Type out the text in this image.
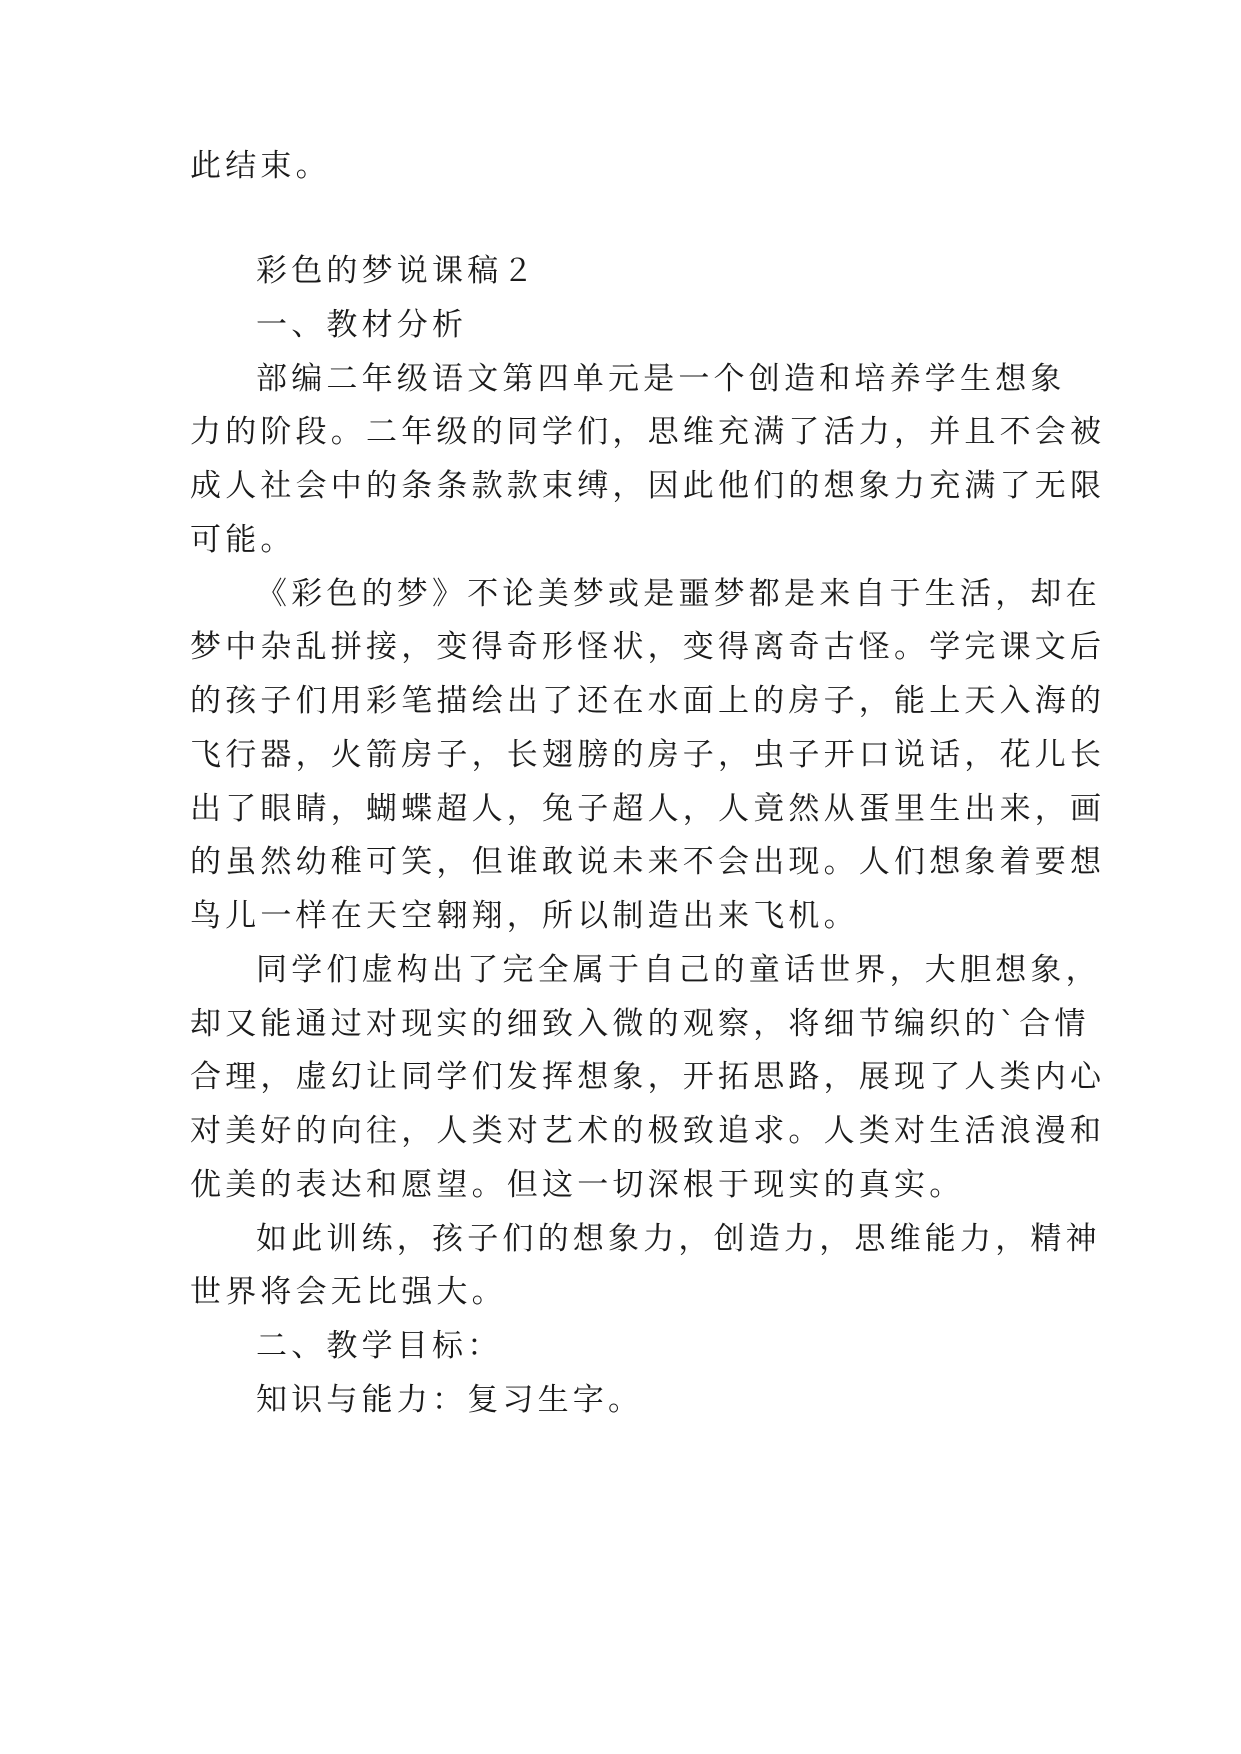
此结束。
彩色的梦说课稿２
一、教材分析
部编二年级语文第四单元是一个创造和培养学生想象
力的阶段。二年级的同学们，思维充满了活力，并且不会被
成人社会中的条条款款束缚，因此他们的想象力充满了无限
可能。
《彩色的梦》不论美梦或是噩梦都是来自于生活，却在
梦中杂乱拼接，变得奇形怪状，变得离奇古怪。学完课文后
的孩子们用彩笔描绘出了还在水面上的房子，能上天入海的
飞行器，火箭房子，长翅膀的房子，虫子开口说话，花儿长
出了眼睛，蝴蝶超人，兔子超人，人竟然从蛋里生出来，画
的虽然幼稚可笑，但谁敢说未来不会出现。人们想象着要想
鸟儿一样在天空翱翔，所以制造出来飞机。
同学们虚构出了完全属于自己的童话世界，大胆想象，
却又能通过对现实的细致入微的观察，将细节编织的`合情
合理，虚幻让同学们发挥想象，开拓思路，展现了人类内心
对美好的向往，人类对艺术的极致追求。人类对生活浪漫和
优美的表达和愿望。但这一切深根于现实的真实。
如此训练，孩子们的想象力，创造力，思维能力，精神
世界将会无比强大。
二、教学目标：
知识与能力：复习生字。
